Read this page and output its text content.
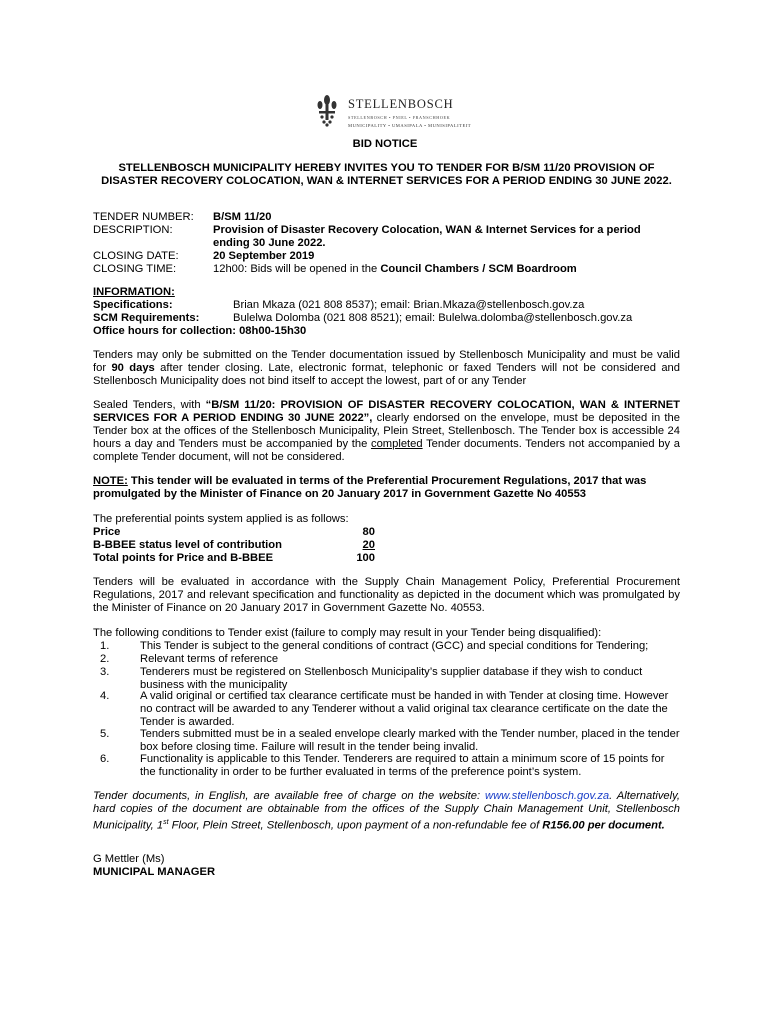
STELLENBOSCH
STELLENBOSCH • PNIEL • FRANSCHHOEK
MUNICIPALITY • UMASIPALA • MUNISIPALITEIT
BID NOTICE
STELLENBOSCH MUNICIPALITY HEREBY INVITES YOU TO TENDER FOR B/SM 11/20 PROVISION OF DISASTER RECOVERY COLOCATION, WAN & INTERNET SERVICES FOR A PERIOD ENDING 30 JUNE 2022.
TENDER NUMBER: B/SM 11/20
DESCRIPTION:	Provision of Disaster Recovery Colocation, WAN & Internet Services for a period
ending 30 June 2022.
CLOSING DATE:	20 September 2019
CLOSING TIME:	12h00: Bids will be opened in the Council Chambers / SCM Boardroom
INFORMATION:
Specifications:	Brian Mkaza (021 808 8537); email: Brian.Mkaza@stellenbosch.gov.za
SCM Requirements:	Bulelwa Dolomba (021 808 8521); email: Bulelwa.dolomba@stellenbosch.gov.za
Office hours for collection: 08h00-15h30
Tenders may only be submitted on the Tender documentation issued by Stellenbosch Municipality and must be valid for 90 days after tender closing. Late, electronic format, telephonic or faxed Tenders will not be considered and Stellenbosch Municipality does not bind itself to accept the lowest, part of or any Tender
Sealed Tenders, with “B/SM 11/20: PROVISION OF DISASTER RECOVERY COLOCATION, WAN & INTERNET SERVICES FOR A PERIOD ENDING 30 JUNE 2022”, clearly endorsed on the envelope, must be deposited in the Tender box at the offices of the Stellenbosch Municipality, Plein Street, Stellenbosch. The Tender box is accessible 24 hours a day and Tenders must be accompanied by the completed Tender documents. Tenders not accompanied by a complete Tender document, will not be considered.
NOTE: This tender will be evaluated in terms of the Preferential Procurement Regulations, 2017 that was promulgated by the Minister of Finance on 20 January 2017 in Government Gazette No 40553
The preferential points system applied is as follows:
Price	80
B-BBEE status level of contribution	20
Total points for Price and B-BBEE	100
Tenders will be evaluated in accordance with the Supply Chain Management Policy, Preferential Procurement Regulations, 2017 and relevant specification and functionality as depicted in the document which was promulgated by the Minister of Finance on 20 January 2017 in Government Gazette No. 40553.
The following conditions to Tender exist (failure to comply may result in your Tender being disqualified):
1.	This Tender is subject to the general conditions of contract (GCC) and special conditions for Tendering;
2.	Relevant terms of reference
3.	Tenderers must be registered on Stellenbosch Municipality’s supplier database if they wish to conduct business with the municipality
4.	A valid original or certified tax clearance certificate must be handed in with Tender at closing time. However no contract will be awarded to any Tenderer without a valid original tax clearance certificate on the date the Tender is awarded.
5.	Tenders submitted must be in a sealed envelope clearly marked with the Tender number, placed in the tender box before closing time. Failure will result in the tender being invalid.
6.	Functionality is applicable to this Tender. Tenderers are required to attain a minimum score of 15 points for the functionality in order to be further evaluated in terms of the preference point’s system.
Tender documents, in English, are available free of charge on the website: www.stellenbosch.gov.za. Alternatively, hard copies of the document are obtainable from the offices of the Supply Chain Management Unit, Stellenbosch Municipality, 1st Floor, Plein Street, Stellenbosch, upon payment of a non-refundable fee of R156.00 per document.
G Mettler (Ms)
MUNICIPAL MANAGER
